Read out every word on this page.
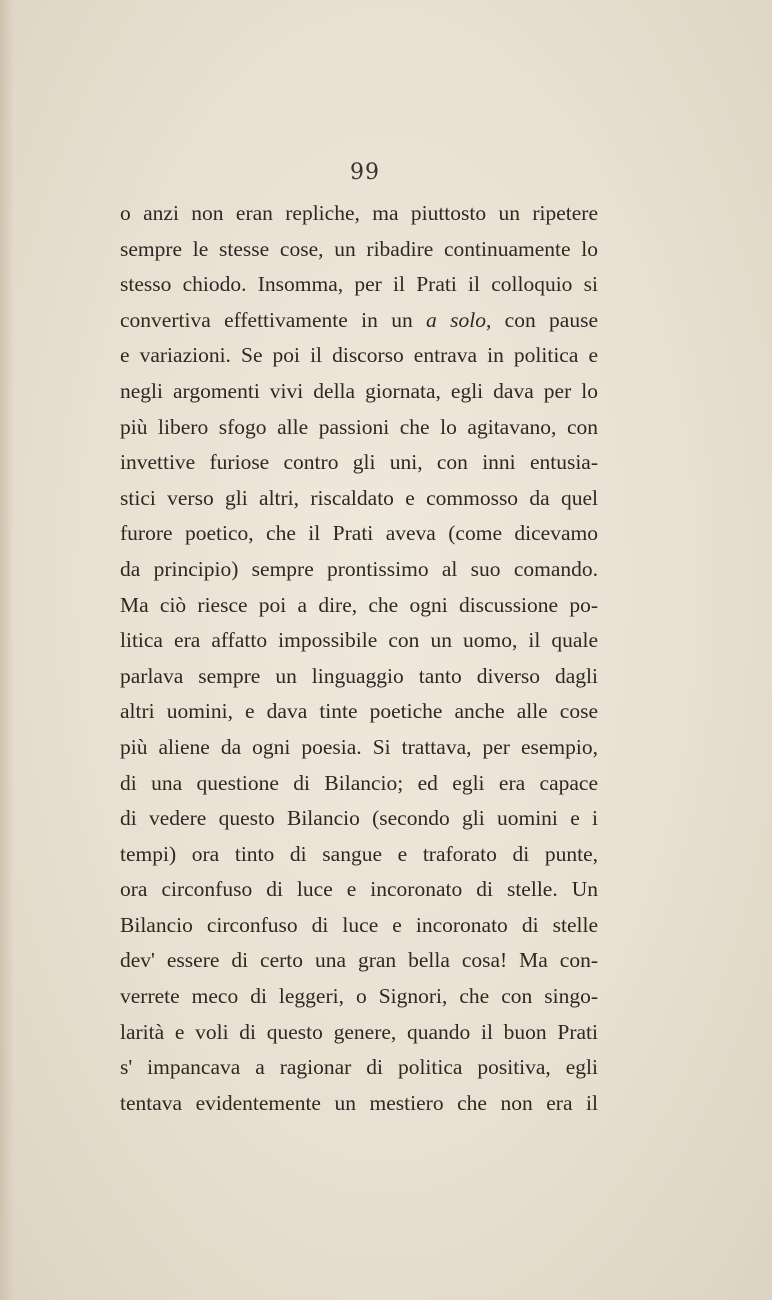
99
o anzi non eran repliche, ma piuttosto un ripetere
sempre le stesse cose, un ribadire continuamente lo
stesso chiodo. Insomma, per il Prati il colloquio si
convertiva effettivamente in un a solo, con pause
e variazioni. Se poi il discorso entrava in politica e
negli argomenti vivi della giornata, egli dava per lo
più libero sfogo alle passioni che lo agitavano, con
invettive furiose contro gli uni, con inni entusia-
stici verso gli altri, riscaldato e commosso da quel
furore poetico, che il Prati aveva (come dicevamo
da principio) sempre prontissimo al suo comando.
Ma ciò riesce poi a dire, che ogni discussione po-
litica era affatto impossibile con un uomo, il quale
parlava sempre un linguaggio tanto diverso dagli
altri uomini, e dava tinte poetiche anche alle cose
più aliene da ogni poesia. Si trattava, per esempio,
di una questione di Bilancio; ed egli era capace
di vedere questo Bilancio (secondo gli uomini e i
tempi) ora tinto di sangue e traforato di punte,
ora circonfuso di luce e incoronato di stelle. Un
Bilancio circonfuso di luce e incoronato di stelle
dev' essere di certo una gran bella cosa! Ma con-
verrete meco di leggeri, o Signori, che con singo-
larità e voli di questo genere, quando il buon Prati
s' impancava a ragionar di politica positiva, egli
tentava evidentemente un mestiero che non era il
